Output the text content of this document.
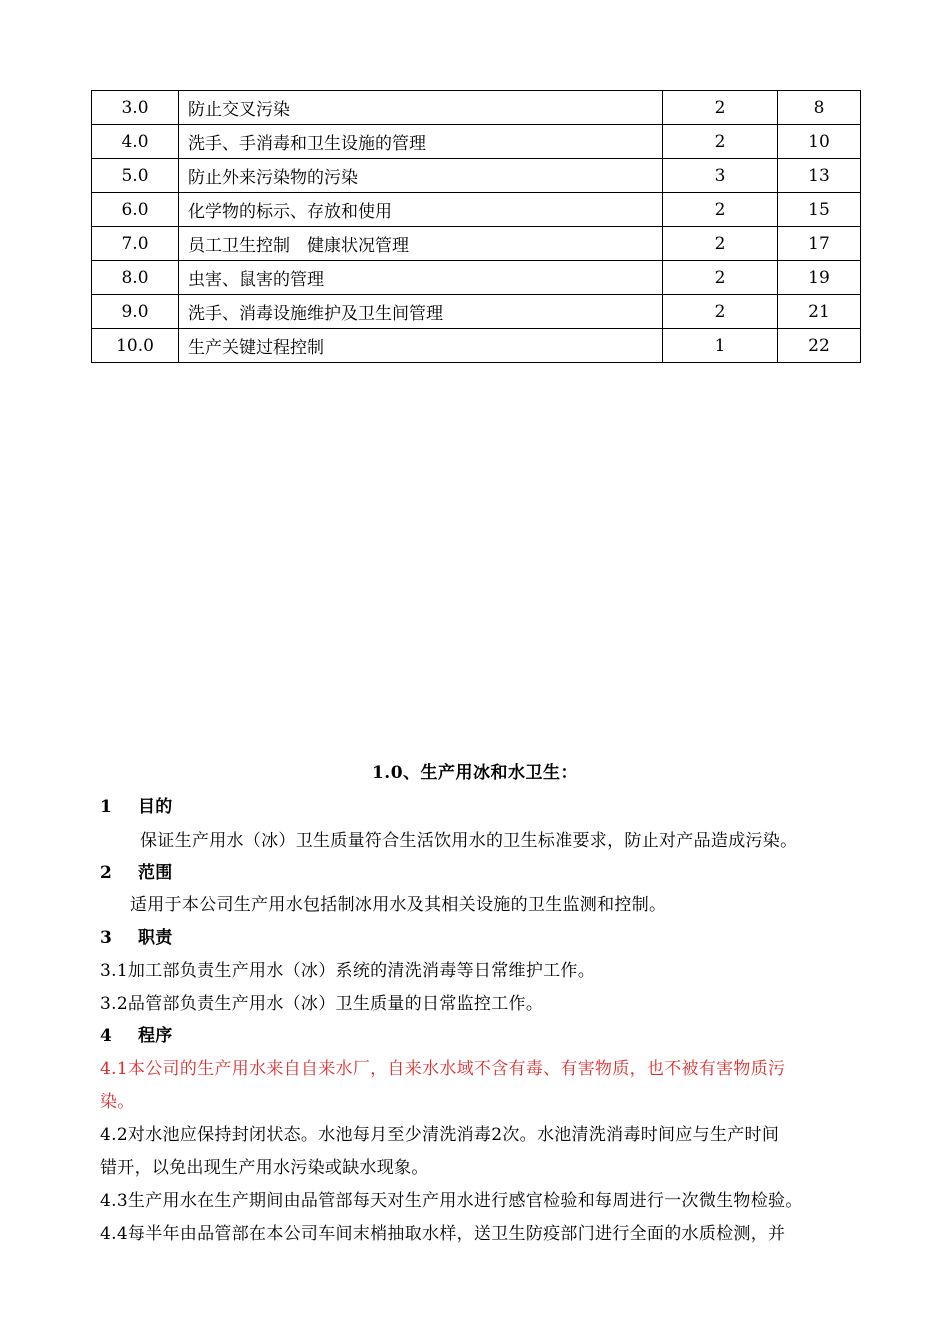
3.0	防止交叉污染	2	8
4.0	洗手、手消毒和卫生设施的管理	2	10
5.0	防止外来污染物的污染	3	13
6.0	化学物的标示、存放和使用	2	15
7.0	员工卫生控制　健康状况管理	2	17
8.0	虫害、鼠害的管理	2	19
9.0	洗手、消毒设施维护及卫生间管理	2	21
10.0	生产关键过程控制	1	22
1.0、生产用冰和水卫生：
1 目的
保证生产用水（冰）卫生质量符合生活饮用水的卫生标准要求，防止对产品造成污染。
2 范围
适用于本公司生产用水包括制冰用水及其相关设施的卫生监测和控制。
3 职责
3.1加工部负责生产用水（冰）系统的清洗消毒等日常维护工作。
3.2品管部负责生产用水（冰）卫生质量的日常监控工作。
4 程序
4.1本公司的生产用水来自自来水厂，自来水水域不含有毒、有害物质，也不被有害物质污
染。
4.2对水池应保持封闭状态。水池每月至少清洗消毒2次。水池清洗消毒时间应与生产时间
错开，以免出现生产用水污染或缺水现象。
4.3生产用水在生产期间由品管部每天对生产用水进行感官检验和每周进行一次微生物检验。
4.4每半年由品管部在本公司车间末梢抽取水样，送卫生防疫部门进行全面的水质检测，并
